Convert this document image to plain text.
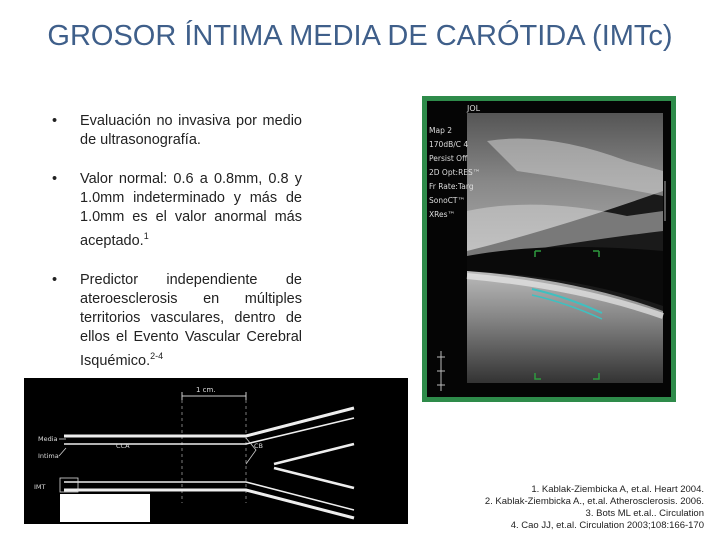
GROSOR ÍNTIMA MEDIA DE CARÓTIDA (IMTc)
• Evaluación no invasiva por medio de ultrasonografía.
• Valor normal: 0.6 a 0.8mm, 0.8 y 1.0mm indeterminado y más de 1.0mm es el valor anormal más aceptado.$^1$
• Predictor independiente de ateroesclerosis en múltiples territorios vasculares, dentro de ellos el Evento Vascular Cerebral Isquémico.$^{2-4}$
JOL
Map 2
170dB/C 4
Persist Off
2D Opt:RES™
Fr Rate:Targ
SonoCT™
XRes™
1 cm.
CCA	CB
Media
Intima
IMT	1. Kablak-Ziembicka A, et.al. Heart 2004.
2. Kablak-Ziembicka A., et.al. Atherosclerosis. 2006.
3. Bots ML et.al.. Circulation
4. Cao JJ, et.al. Circulation 2003;108:166-170
